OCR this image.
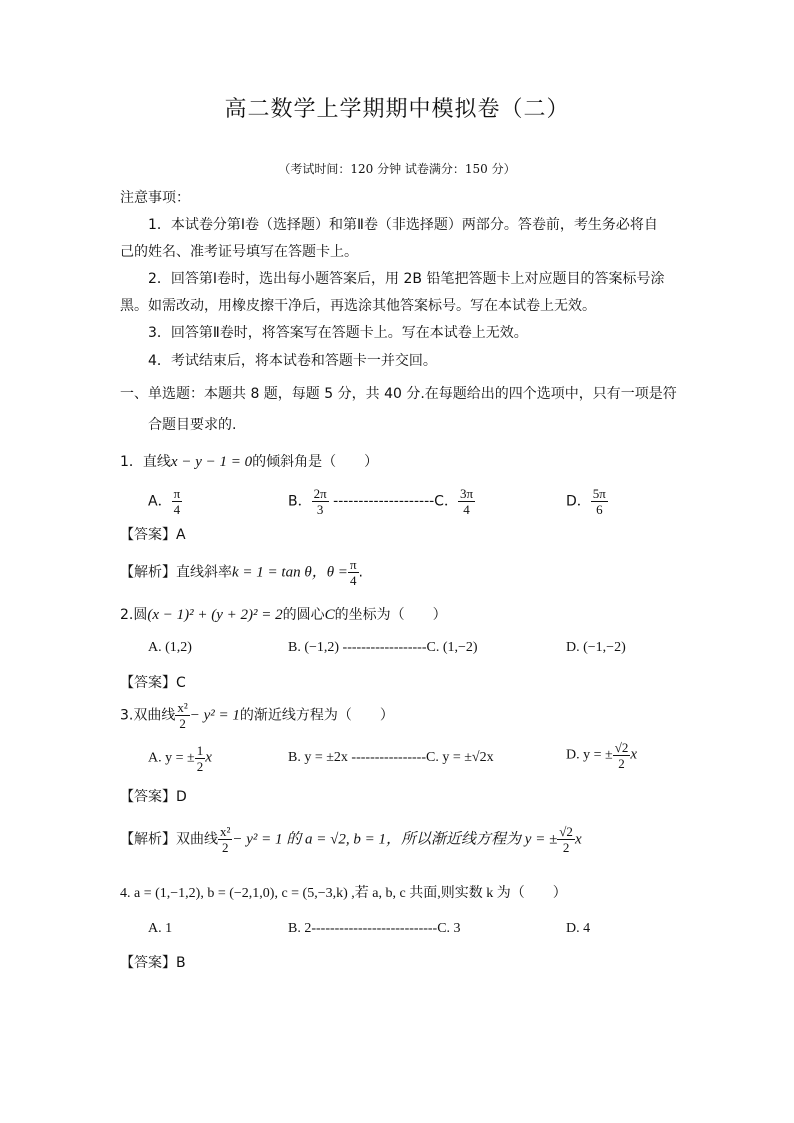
高二数学上学期期中模拟卷（二）
（考试时间：120 分钟 试卷满分：150 分）
注意事项：
1．本试卷分第Ⅰ卷（选择题）和第Ⅱ卷（非选择题）两部分。答卷前，考生务必将自
己的姓名、准考证号填写在答题卡上。
2．回答第Ⅰ卷时，选出每小题答案后，用 2B 铅笔把答题卡上对应题目的答案标号涂
黑。如需改动，用橡皮擦干净后，再选涂其他答案标号。写在本试卷上无效。
3．回答第Ⅱ卷时，将答案写在答题卡上。写在本试卷上无效。
4．考试结束后，将本试卷和答题卡一并交回。
一、单选题：本题共 8 题，每题 5 分，共 40 分.在每题给出的四个选项中，只有一项是符
合题目要求的.
1．直线x − y − 1 = 0的倾斜角是（　　）
A． $\frac{\pi}{4}$	B． $\frac{2\pi}{3} --------------------C$． $\frac{3\pi}{4}$	D． $\frac{5\pi}{6}$
【答案】A
【解析】直线斜率k = 1 = tan θ，$\theta = \frac{\pi}{4}$ .
2.圆(x − 1)² + (y + 2)² = 2的圆心C的坐标为（　　）
A. (1,2)	B. (−1,2) ------------------C. (1,−2)	D. (−1,−2)
【答案】C
3.双曲线 $\frac{\text{x²}}{2} - y^2 = 1$的渐近线方程为（　　）
A. y = ± $\frac{1}{2}$ x	B. y = ±2x ----------------C. y = ±√2x	D. y = ± $\frac{√2}{2}$ x
【答案】D
【解析】双曲线 $\frac{\text{x²}}{2} - y^2 = 1$ 的 a = √2, b = 1，所以渐近线方程为 y = ± $\frac{√2}{2}$ x
4. a = (1,−1,2), b = (−2,1,0), c = (5,−3,k) ,若 a, b, c 共面,则实数 k 为（　　）
A. 1	B. 2---------------------------C. 3	D. 4
【答案】B
